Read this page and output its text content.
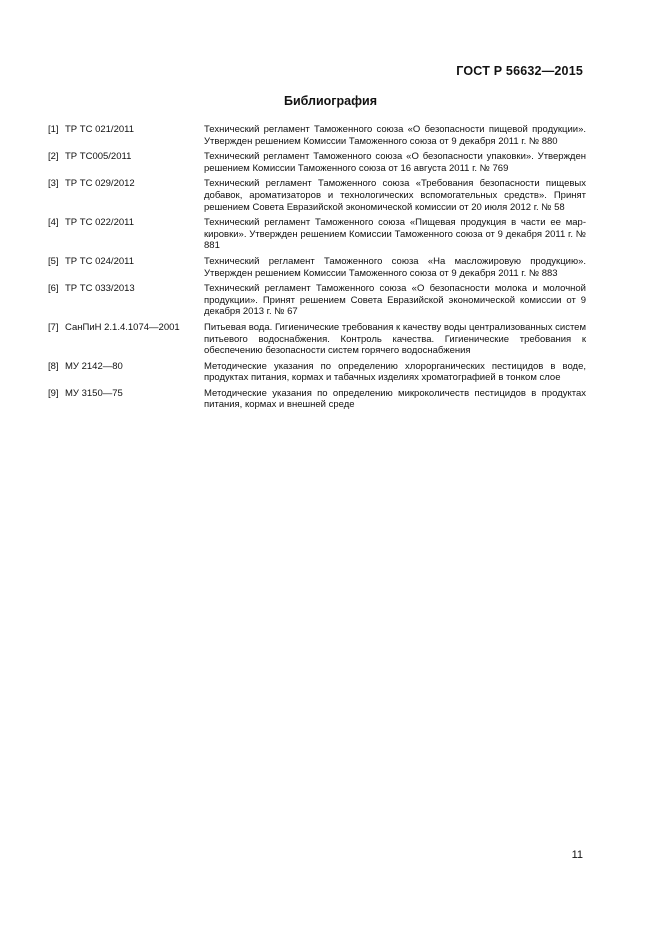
ГОСТ Р 56632—2015
Библиография
[1] ТР ТС 021/2011	Технический регламент Таможенного союза «О безопасности пищевой продукции». Утвержден решением Комиссии Таможенного союза от 9 декабря 2011 г. № 880
[2] ТР ТС005/2011	Технический регламент Таможенного союза «О безопасности упаковки». Утвержден решением Комиссии Таможенного союза от 16 августа 2011 г. № 769
[3] ТР ТС 029/2012	Технический регламент Таможенного союза «Требования безопасности пищевых добавок, ароматизаторов и технологических вспомогательных средств». Принят решением Совета Евразийской экономической комиссии от 20 июля 2012 г. № 58
[4] ТР ТС 022/2011	Технический регламент Таможенного союза «Пищевая продукция в части ее маркировки». Утвержден решением Комиссии Таможенного союза от 9 декабря 2011 г. № 881
[5] ТР ТС 024/2011	Технический регламент Таможенного союза «На масложировую продукцию». Утвержден решением Комиссии Таможенного союза от 9 декабря 2011 г. № 883
[6] ТР ТС 033/2013	Технический регламент Таможенного союза «О безопасности молока и молочной продукции». Принят решением Совета Евразийской экономической комиссии от 9 декабря 2013 г. № 67
[7] СанПиН 2.1.4.1074—2001	Питьевая вода. Гигиенические требования к качеству воды централизованных систем питьевого водоснабжения. Контроль качества. Гигиенические требования к обеспечению безопасности систем горячего водоснабжения
[8] МУ 2142—80	Методические указания по определению хлорорганических пестицидов в воде, продуктах питания, кормах и табачных изделиях хроматографией в тонком слое
[9] МУ 3150—75	Методические указания по определению микроколичеств пестицидов в продуктах питания, кормах и внешней среде
11
